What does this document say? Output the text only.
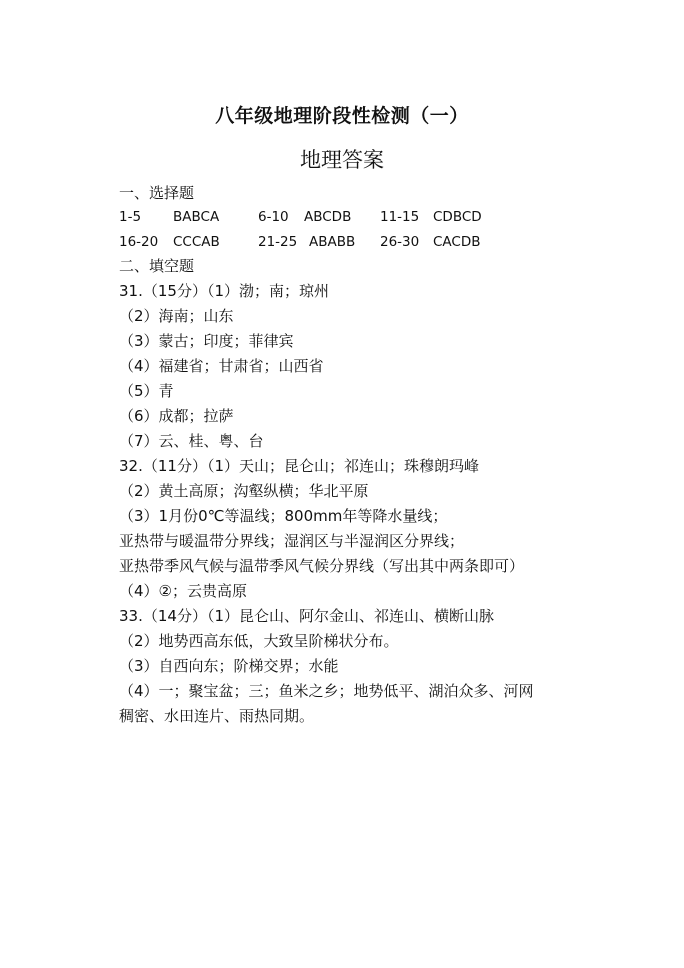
八年级地理阶段性检测（一）
地理答案
一、选择题
1-5 BABCA	6-10 ABCDB 11-15 CDBCD
16-20 CCCAB	21-25 ABABB 26-30 CACDB
二、填空题
31.（15分）（1）渤；南；琼州
（2）海南；山东
（3）蒙古；印度；菲律宾
（4）福建省；甘肃省；山西省
（5）青
（6）成都；拉萨
（7）云、桂、粤、台
32.（11分）（1）天山；昆仑山；祁连山；珠穆朗玛峰
（2）黄土高原；沟壑纵横；华北平原
（3）1月份0℃等温线；800mm年等降水量线；
亚热带与暖温带分界线；湿润区与半湿润区分界线；
亚热带季风气候与温带季风气候分界线（写出其中两条即可）
（4）②；云贵高原
33.（14分）（1）昆仑山、阿尔金山、祁连山、横断山脉
（2）地势西高东低，大致呈阶梯状分布。
（3）自西向东；阶梯交界；水能
（4）一；聚宝盆；三；鱼米之乡；地势低平、湖泊众多、河网
稠密、水田连片、雨热同期。
